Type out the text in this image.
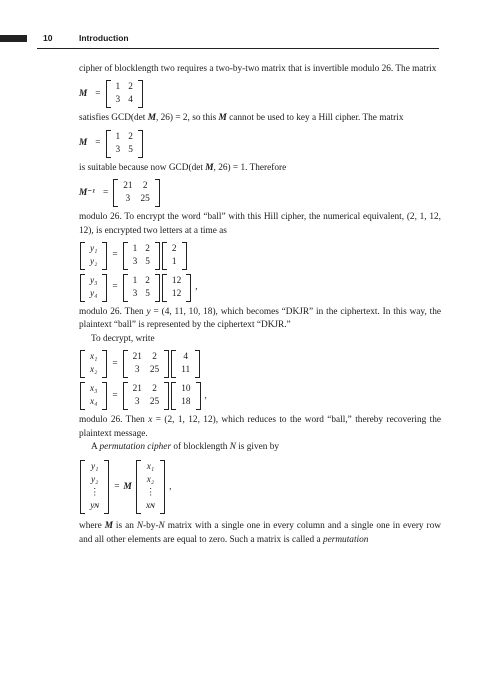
10	Introduction

cipher of blocklength two requires a two-by-two matrix that is invertible modulo 26. The matrix

M =
1	2
3	4

satisfies GCD(det M, 26) = 2, so this M cannot be used to key a Hill cipher. The matrix

M =
1	2
3	5

is suitable because now GCD(det M, 26) = 1. Therefore

M⁻¹ =
21	2
3	25

modulo 26. To encrypt the word “ball” with this Hill cipher, the numerical equivalent, (2, 1, 12, 12), is encrypted two letters at a time as

y₁
y₂
=
1	2
3	5
2
1
y₃
y₄
=
1	2
3	5
12
12
,

modulo 26. Then y = (4, 11, 10, 18), which becomes “DKJR” in the ciphertext. In this way, the plaintext “ball” is represented by the ciphertext “DKJR.”

To decrypt, write

x₁
x₂
=
21	2
3	25
4
11
x₃
x₄
=
21	2
3	25
10
18
,

modulo 26. Then x = (2, 1, 12, 12), which reduces to the word “ball,” thereby recovering the plaintext message.

A permutation cipher of blocklength N is given by

y₁
y₂
⋮
yɴ
= M
x₁
x₂
⋮
xɴ
,

where M is an N-by-N matrix with a single one in every column and a single one in every row and all other elements are equal to zero. Such a matrix is called a permutation
